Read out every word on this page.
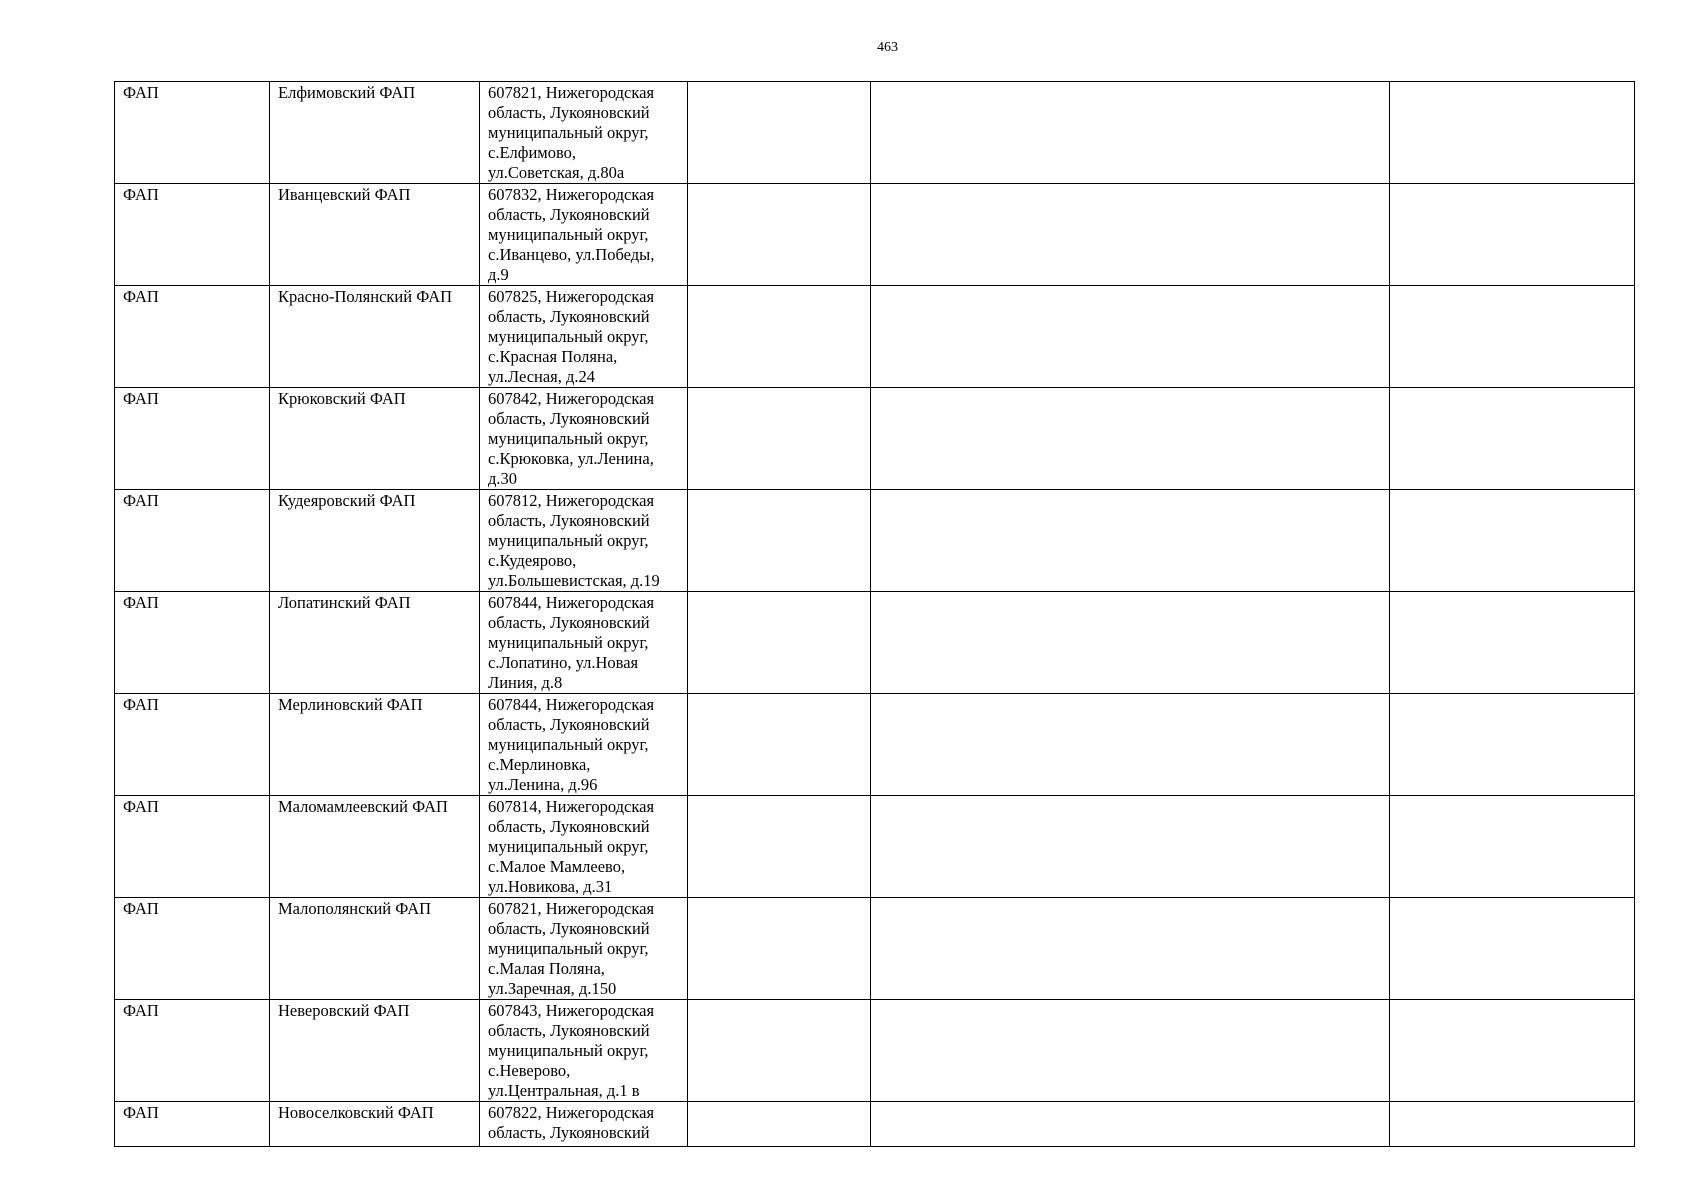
463
ФАП	Елфимовский ФАП	607821, Нижегородская
область, Лукояновский
муниципальный округ,
с.Елфимово,
ул.Советская, д.80а			

ФАП	Иванцевский ФАП	607832, Нижегородская
область, Лукояновский
муниципальный округ,
с.Иванцево, ул.Победы,
д.9			

ФАП	Красно-Полянский ФАП	607825, Нижегородская
область, Лукояновский
муниципальный округ,
с.Красная Поляна,
ул.Лесная, д.24			

ФАП	Крюковский ФАП	607842, Нижегородская
область, Лукояновский
муниципальный округ,
с.Крюковка, ул.Ленина,
д.30			

ФАП	Кудеяровский ФАП	607812, Нижегородская
область, Лукояновский
муниципальный округ,
с.Кудеярово,
ул.Большевистская, д.19			

ФАП	Лопатинский ФАП	607844, Нижегородская
область, Лукояновский
муниципальный округ,
с.Лопатино, ул.Новая
Линия, д.8			

ФАП	Мерлиновский ФАП	607844, Нижегородская
область, Лукояновский
муниципальный округ,
с.Мерлиновка,
ул.Ленина, д.96			

ФАП	Маломамлеевский ФАП	607814, Нижегородская
область, Лукояновский
муниципальный округ,
с.Малое Мамлеево,
ул.Новикова, д.31			

ФАП	Малополянский ФАП	607821, Нижегородская
область, Лукояновский
муниципальный округ,
с.Малая Поляна,
ул.Заречная, д.150			

ФАП	Неверовский ФАП	607843, Нижегородская
область, Лукояновский
муниципальный округ,
с.Неверово,
ул.Центральная, д.1 в			

ФАП	Новоселковский ФАП	607822, Нижегородская
область, Лукояновский			
